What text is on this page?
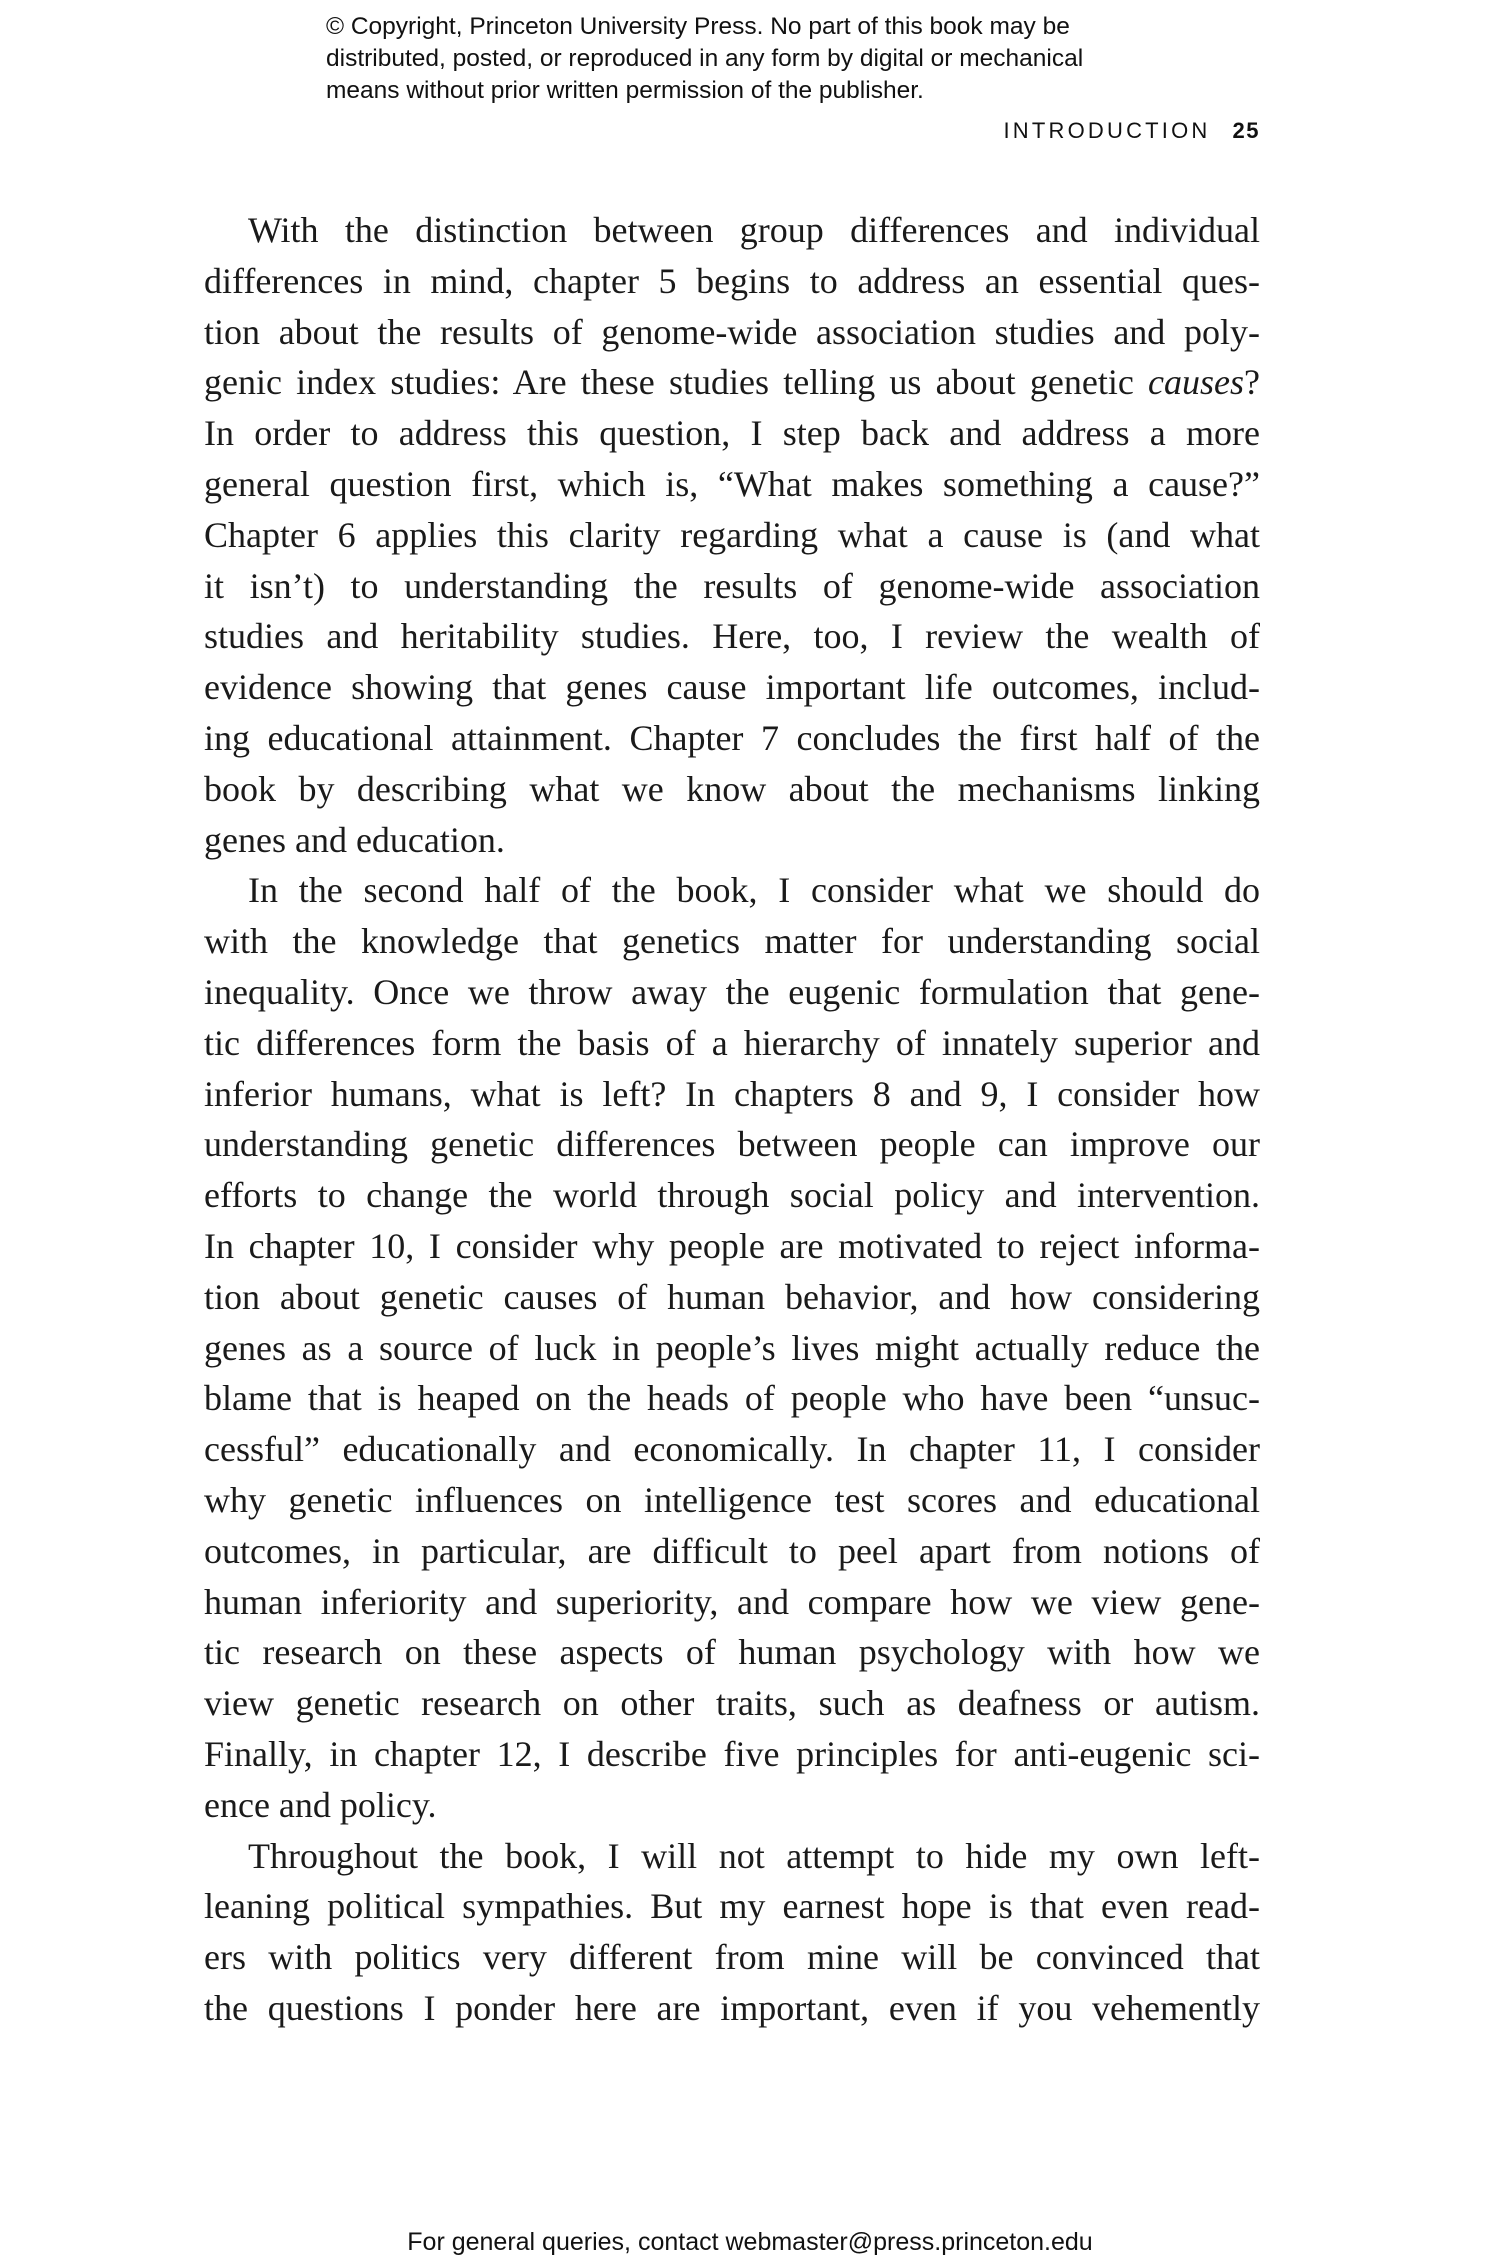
© Copyright, Princeton University Press. No part of this book may be
distributed, posted, or reproduced in any form by digital or mechanical
means without prior written permission of the publisher.
INTRODUCTION 25
With the distinction between group differences and individual
differences in mind, chapter 5 begins to address an essential ques-
tion about the results of genome-wide association studies and poly-
genic index studies: Are these studies telling us about genetic causes?
In order to address this question, I step back and address a more
general question first, which is, “What makes something a cause?”
Chapter 6 applies this clarity regarding what a cause is (and what
it isn’t) to understanding the results of genome-wide association
studies and heritability studies. Here, too, I review the wealth of
evidence showing that genes cause important life outcomes, includ-
ing educational attainment. Chapter 7 concludes the first half of the
book by describing what we know about the mechanisms linking
genes and education.
In the second half of the book, I consider what we should do
with the knowledge that genetics matter for understanding social
inequality. Once we throw away the eugenic formulation that gene-
tic differences form the basis of a hierarchy of innately superior and
inferior humans, what is left? In chapters 8 and 9, I consider how
understanding genetic differences between people can improve our
efforts to change the world through social policy and intervention.
In chapter 10, I consider why people are motivated to reject informa-
tion about genetic causes of human behavior, and how considering
genes as a source of luck in people’s lives might actually reduce the
blame that is heaped on the heads of people who have been “unsuc-
cessful” educationally and economically. In chapter 11, I consider
why genetic influences on intelligence test scores and educational
outcomes, in particular, are difficult to peel apart from notions of
human inferiority and superiority, and compare how we view gene-
tic research on these aspects of human psychology with how we
view genetic research on other traits, such as deafness or autism.
Finally, in chapter 12, I describe five principles for anti-eugenic sci-
ence and policy.
Throughout the book, I will not attempt to hide my own left-
leaning political sympathies. But my earnest hope is that even read-
ers with politics very different from mine will be convinced that
the questions I ponder here are important, even if you vehemently
For general queries, contact webmaster@press.princeton.edu
